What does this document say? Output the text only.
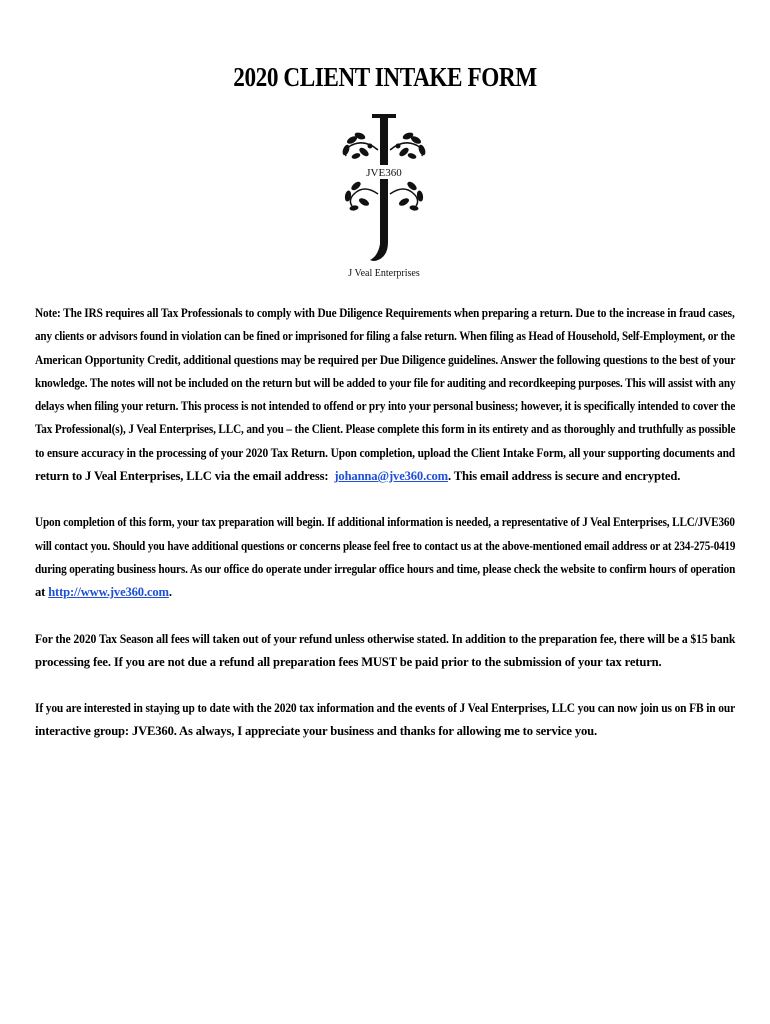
2020 CLIENT INTAKE FORM
JVE360
J Veal Enterprises

Note: The IRS requires all Tax Professionals to comply with Due Diligence Requirements when preparing a return. Due to the increase in fraud cases,
any clients or advisors found in violation can be fined or imprisoned for filing a false return. When filing as Head of Household, Self-Employment, or the
American Opportunity Credit, additional questions may be required per Due Diligence guidelines. Answer the following questions to the best of your
knowledge. The notes will not be included on the return but will be added to your file for auditing and recordkeeping purposes. This will assist with any
delays when filing your return. This process is not intended to offend or pry into your personal business; however, it is specifically intended to cover the
Tax Professional(s), J Veal Enterprises, LLC, and you – the Client. Please complete this form in its entirety and as thoroughly and truthfully as possible
to ensure accuracy in the processing of your 2020 Tax Return. Upon completion, upload the Client Intake Form, all your supporting documents and
return to J Veal Enterprises, LLC via the email address: johanna@jve360.com. This email address is secure and encrypted.

Upon completion of this form, your tax preparation will begin. If additional information is needed, a representative of J Veal Enterprises, LLC/JVE360
will contact you. Should you have additional questions or concerns please feel free to contact us at the above-mentioned email address or at 234-275-0419
during operating business hours. As our office do operate under irregular office hours and time, please check the website to confirm hours of operation
at http://www.jve360.com.

For the 2020 Tax Season all fees will taken out of your refund unless otherwise stated. In addition to the preparation fee, there will be a $15 bank
processing fee. If you are not due a refund all preparation fees MUST be paid prior to the submission of your tax return.

If you are interested in staying up to date with the 2020 tax information and the events of J Veal Enterprises, LLC you can now join us on FB in our
interactive group: JVE360. As always, I appreciate your business and thanks for allowing me to service you.
